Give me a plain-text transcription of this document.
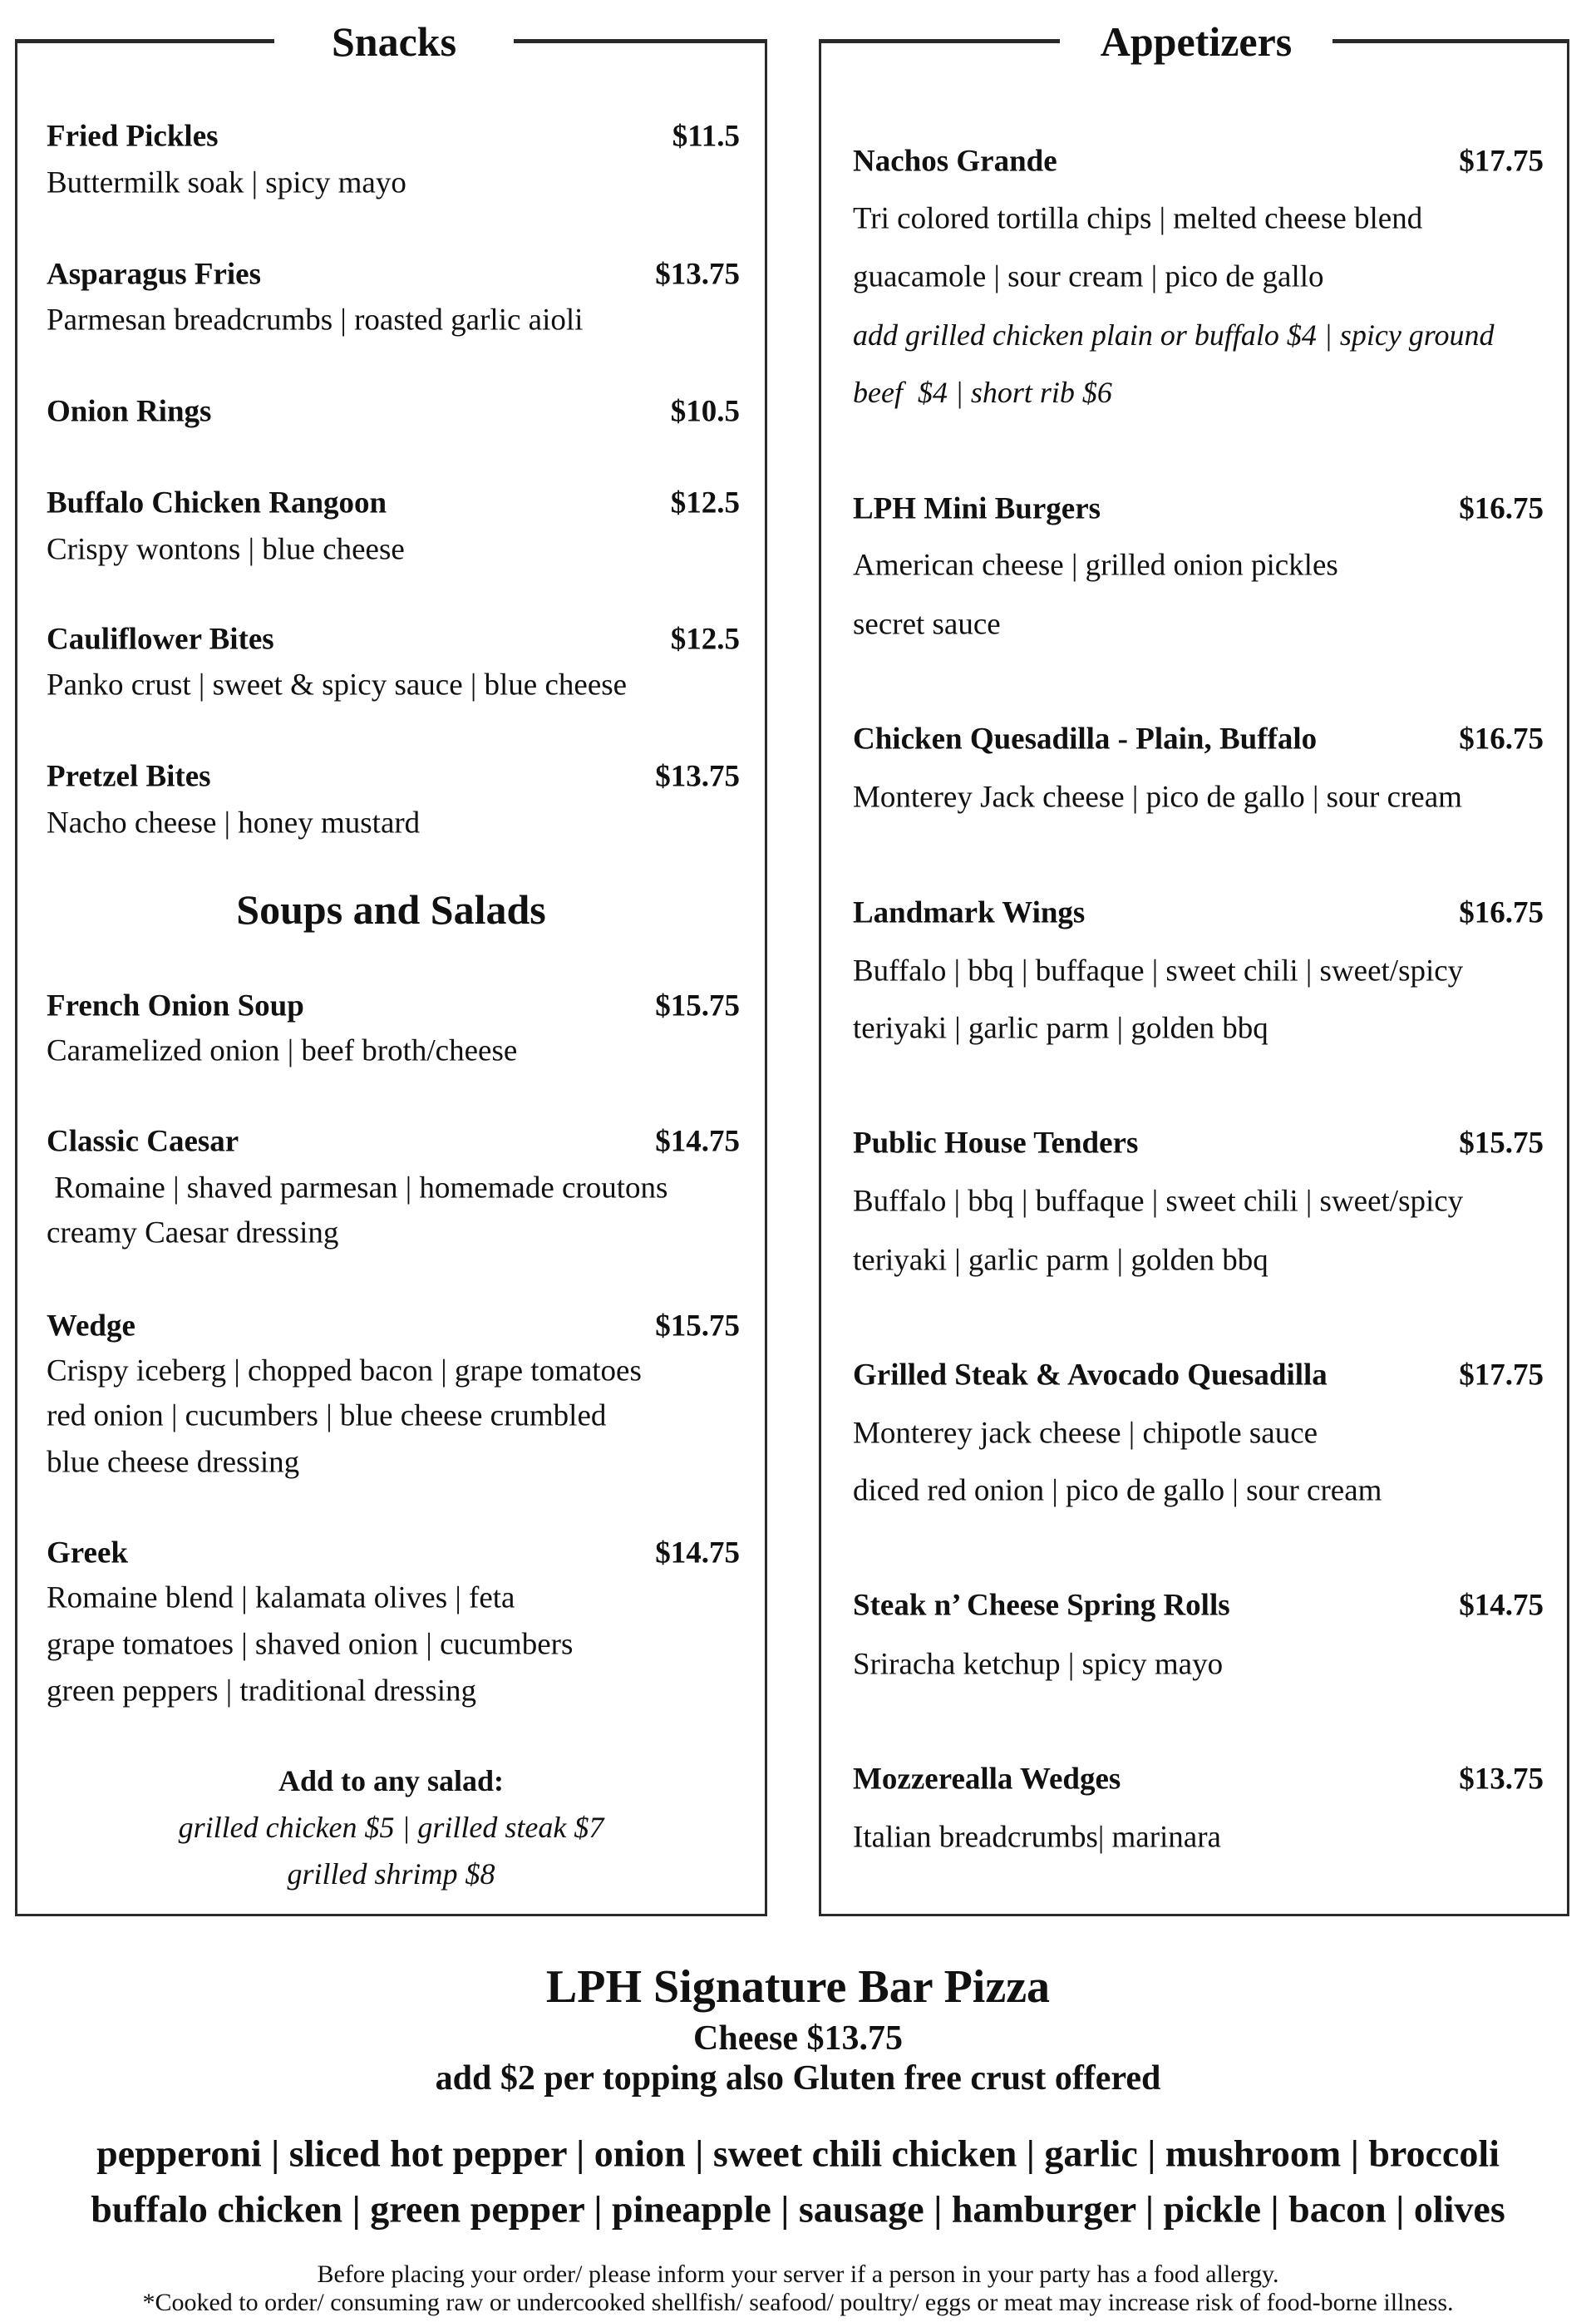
Snacks
Fried Pickles	$11.5
Buttermilk soak | spicy mayo
Asparagus Fries	$13.75
Parmesan breadcrumbs | roasted garlic aioli
Onion Rings	$10.5
Buffalo Chicken Rangoon	$12.5
Crispy wontons | blue cheese
Cauliflower Bites	$12.5
Panko crust | sweet & spicy sauce | blue cheese
Pretzel Bites	$13.75
Nacho cheese | honey mustard
Soups and Salads
French Onion Soup	$15.75
Caramelized onion | beef broth/cheese
Classic Caesar	$14.75
Romaine | shaved parmesan | homemade croutons
creamy Caesar dressing
Wedge	$15.75
Crispy iceberg | chopped bacon | grape tomatoes
red onion | cucumbers | blue cheese crumbled
blue cheese dressing
Greek	$14.75
Romaine blend | kalamata olives | feta
grape tomatoes | shaved onion | cucumbers
green peppers | traditional dressing
Add to any salad:
grilled chicken $5 | grilled steak $7
grilled shrimp $8
Appetizers
Nachos Grande	$17.75
Tri colored tortilla chips | melted cheese blend
guacamole | sour cream | pico de gallo
add grilled chicken plain or buffalo $4 | spicy ground
beef  $4 | short rib $6
LPH Mini Burgers	$16.75
American cheese | grilled onion pickles
secret sauce
Chicken Quesadilla - Plain, Buffalo	$16.75
Monterey Jack cheese | pico de gallo | sour cream
Landmark Wings	$16.75
Buffalo | bbq | buffaque | sweet chili | sweet/spicy
teriyaki | garlic parm | golden bbq
Public House Tenders	$15.75
Buffalo | bbq | buffaque | sweet chili | sweet/spicy
teriyaki | garlic parm | golden bbq
Grilled Steak & Avocado Quesadilla	$17.75
Monterey jack cheese | chipotle sauce
diced red onion | pico de gallo | sour cream
Steak n’ Cheese Spring Rolls	$14.75
Sriracha ketchup | spicy mayo
Mozzerealla Wedges	$13.75
Italian breadcrumbs| marinara
LPH Signature Bar Pizza
Cheese $13.75
add $2 per topping also Gluten free crust offered
pepperoni | sliced hot pepper | onion | sweet chili chicken | garlic | mushroom | broccoli
buffalo chicken | green pepper | pineapple | sausage | hamburger | pickle | bacon | olives
Before placing your order/ please inform your server if a person in your party has a food allergy.
*Cooked to order/ consuming raw or undercooked shellfish/ seafood/ poultry/ eggs or meat may increase risk of food-borne illness.
